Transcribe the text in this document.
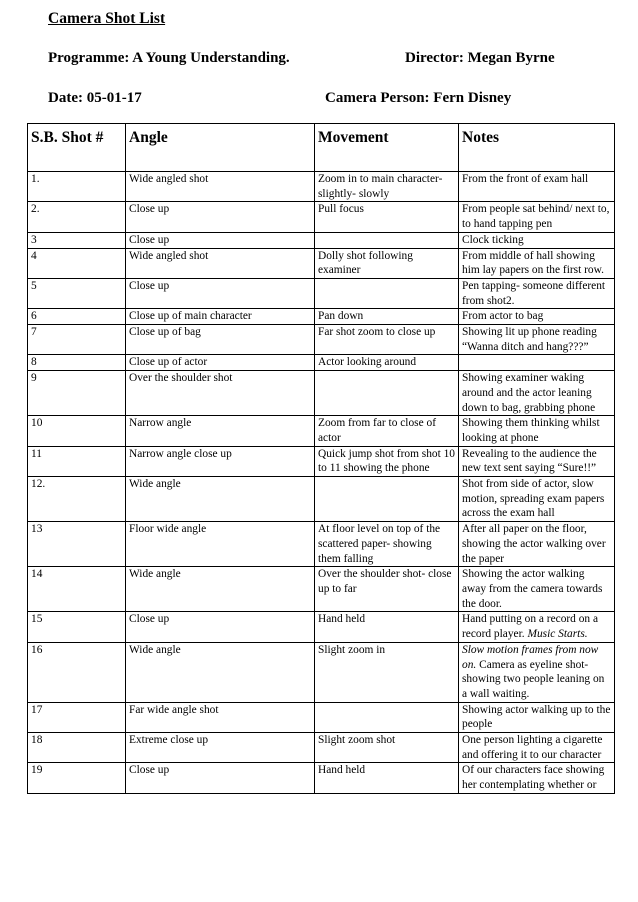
Camera Shot List
Programme: A Young Understanding.	Director: Megan Byrne
Date: 05-01-17	Camera Person: Fern Disney
S.B. Shot #	Angle	Movement	Notes
1.	Wide angled shot	Zoom in to main character- slightly- slowly	From the front of exam hall
2.	Close up	Pull focus	From people sat behind/ next to, to hand tapping pen
3	Close up		Clock ticking
4	Wide angled shot	Dolly shot following examiner	From middle of hall showing him lay papers on the first row.
5	Close up		Pen tapping- someone different from shot2.
6	Close up of main character	Pan down	From actor to bag
7	Close up of bag	Far shot zoom to close up	Showing lit up phone reading “Wanna ditch and hang???”
8	Close up of actor	Actor looking around	
9	Over the shoulder shot		Showing examiner waking around and the actor leaning down to bag, grabbing phone
10	Narrow angle	Zoom from far to close of actor	Showing them thinking whilst looking at phone
11	Narrow angle close up	Quick jump shot from shot 10 to 11 showing the phone	Revealing to the audience the new text sent saying “Sure!!”
12.	Wide angle		Shot from side of actor, slow motion, spreading exam papers across the exam hall
13	Floor wide angle	At floor level on top of the scattered paper- showing them falling	After all paper on the floor, showing the actor walking over the paper
14	Wide angle	Over the shoulder shot- close up to far	Showing the actor walking away from the camera towards the door.
15	Close up	Hand held	Hand putting on a record on a record player. Music Starts.
16	Wide angle	Slight zoom in	Slow motion frames from now on. Camera as eyeline shot- showing two people leaning on a wall waiting.
17	Far wide angle shot		Showing actor walking up to the people
18	Extreme close up	Slight zoom shot	One person lighting a cigarette and offering it to our character
19	Close up	Hand held	Of our characters face showing her contemplating whether or
